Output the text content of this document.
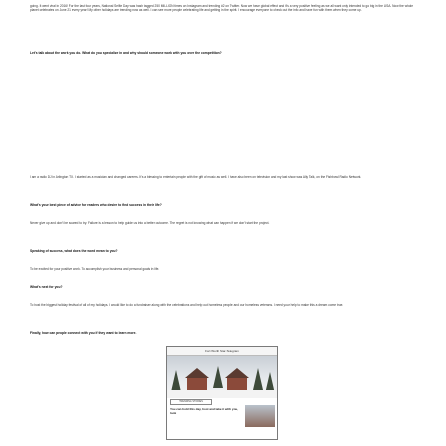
going. It went viral in 2016! For the last four years, National Selfie Day was hash tagged 250 MILLION times on Instagram and trending #2 on Twitter. Now we have global effect and it's a very positive feeling as we all want only intended to go big in the USA. Now the whole planet celebrates on June 21 every year! My other holidays are trending now as well. I can see more people celebrating life and getting in the spirit. I encourage everyone to check out the info and have fun with them when they come up.

Let's talk about the work you do. What do you specialize in and why should someone work with you over the competition?

I am a radio DJ in Arlington TX. I started as a musician and changed careers. It's a blessing to entertain people with the gift of music as well. I have also been on television and my last show was Ally Talk, on the Fishbowl Radio Network.

What's your best piece of advice for readers who desire to find success in their life?

Never give up and don't be scared to try. Failure is a lesson to help guide us into a better outcome. The regret is not knowing what can happen if we don't start the project.

Speaking of success, what does the word mean to you?

To be excited for your positive work. To accomplish your business and personal goals in life.

What's next for you?

To host the biggest holiday festival of all of my holidays. I would like to do a fundraiser along with the celebrations and help out homeless people and our homeless veterans. I need your help to make this a dream come true.

Finally, how can people connect with you if they want to learn more.

Fort Worth Star-Telegram
TRENDING STORIES
You can hold this day, host and take it with you, look
